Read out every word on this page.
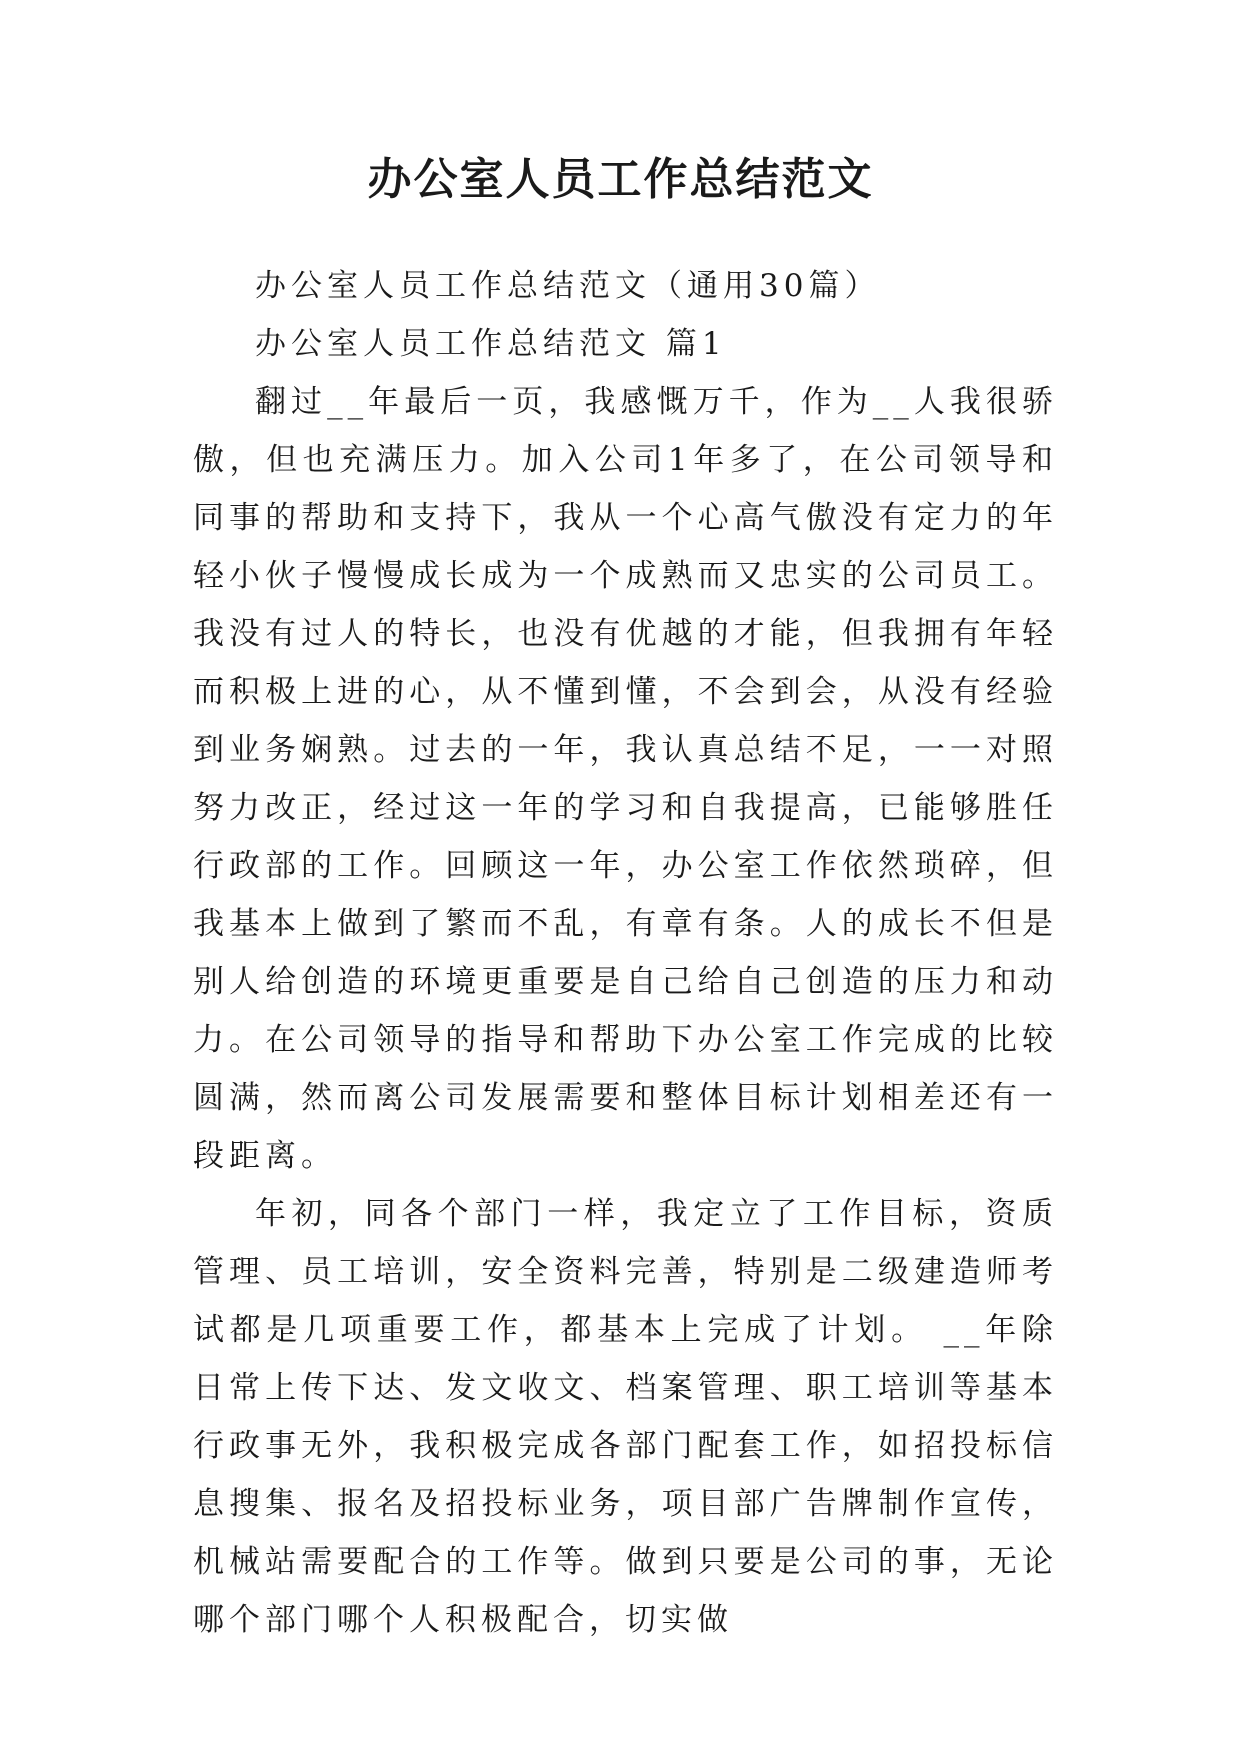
办公室人员工作总结范文

办公室人员工作总结范文（通用30篇）

办公室人员工作总结范文 篇1

翻过__年最后一页，我感慨万千，作为__人我很骄傲，但也充满压力。加入公司1年多了，在公司领导和同事的帮助和支持下，我从一个心高气傲没有定力的年轻小伙子慢慢成长成为一个成熟而又忠实的公司员工。我没有过人的特长，也没有优越的才能，但我拥有年轻而积极上进的心，从不懂到懂，不会到会，从没有经验到业务娴熟。过去的一年，我认真总结不足，一一对照努力改正，经过这一年的学习和自我提高，已能够胜任行政部的工作。回顾这一年，办公室工作依然琐碎，但我基本上做到了繁而不乱，有章有条。人的成长不但是别人给创造的环境更重要是自己给自己创造的压力和动力。在公司领导的指导和帮助下办公室工作完成的比较圆满，然而离公司发展需要和整体目标计划相差还有一段距离。

年初，同各个部门一样，我定立了工作目标，资质管理、员工培训，安全资料完善，特别是二级建造师考试都是几项重要工作，都基本上完成了计划。 __年除日常上传下达、发文收文、档案管理、职工培训等基本行政事无外，我积极完成各部门配套工作，如招投标信息搜集、报名及招投标业务，项目部广告牌制作宣传，机械站需要配合的工作等。做到只要是公司的事，无论哪个部门哪个人积极配合，切实做
